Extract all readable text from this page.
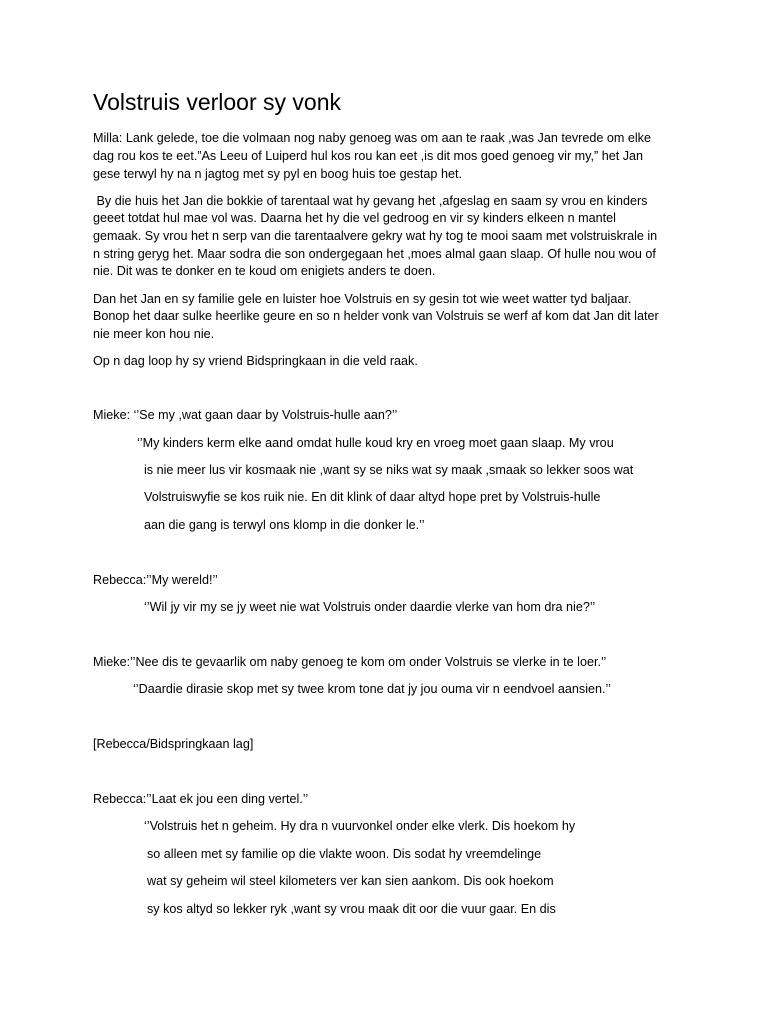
Volstruis verloor sy vonk
Milla: Lank gelede, toe die volmaan nog naby genoeg was om aan te raak ,was Jan tevrede om elke
dag rou kos te eet.”As Leeu of Luiperd hul kos rou kan eet ,is dit mos goed genoeg vir my,” het Jan
gese terwyl hy na n jagtog met sy pyl en boog huis toe gestap het.
By die huis het Jan die bokkie of tarentaal wat hy gevang het ,afgeslag en saam sy vrou en kinders
geeet totdat hul mae vol was. Daarna het hy die vel gedroog en vir sy kinders elkeen n mantel
gemaak. Sy vrou het n serp van die tarentaalvere gekry wat hy tog te mooi saam met volstruiskrale in
n string geryg het. Maar sodra die son ondergegaan het ,moes almal gaan slaap. Of hulle nou wou of
nie. Dit was te donker en te koud om enigiets anders te doen.
Dan het Jan en sy familie gele en luister hoe Volstruis en sy gesin tot wie weet watter tyd baljaar.
Bonop het daar sulke heerlike geure en so n helder vonk van Volstruis se werf af kom dat Jan dit later
nie meer kon hou nie.
Op n dag loop hy sy vriend Bidspringkaan in die veld raak.
Mieke: ‘’Se my ,wat gaan daar by Volstruis-hulle aan?’’
‘’My kinders kerm elke aand omdat hulle koud kry en vroeg moet gaan slaap. My vrou
is nie meer lus vir kosmaak nie ,want sy se niks wat sy maak ,smaak so lekker soos wat
Volstruiswyfie se kos ruik nie. En dit klink of daar altyd hope pret by Volstruis-hulle
aan die gang is terwyl ons klomp in die donker le.’’
Rebecca:’’My wereld!’’
‘’Wil jy vir my se jy weet nie wat Volstruis onder daardie vlerke van hom dra nie?’’
Mieke:’’Nee dis te gevaarlik om naby genoeg te kom om onder Volstruis se vlerke in te loer.’’
‘’Daardie dirasie skop met sy twee krom tone dat jy jou ouma vir n eendvoel aansien.’’
[Rebecca/Bidspringkaan lag]
Rebecca:’’Laat ek jou een ding vertel.’’
‘’Volstruis het n geheim. Hy dra n vuurvonkel onder elke vlerk. Dis hoekom hy
so alleen met sy familie op die vlakte woon. Dis sodat hy vreemdelinge
wat sy geheim wil steel kilometers ver kan sien aankom. Dis ook hoekom
sy kos altyd so lekker ryk ,want sy vrou maak dit oor die vuur gaar. En dis
